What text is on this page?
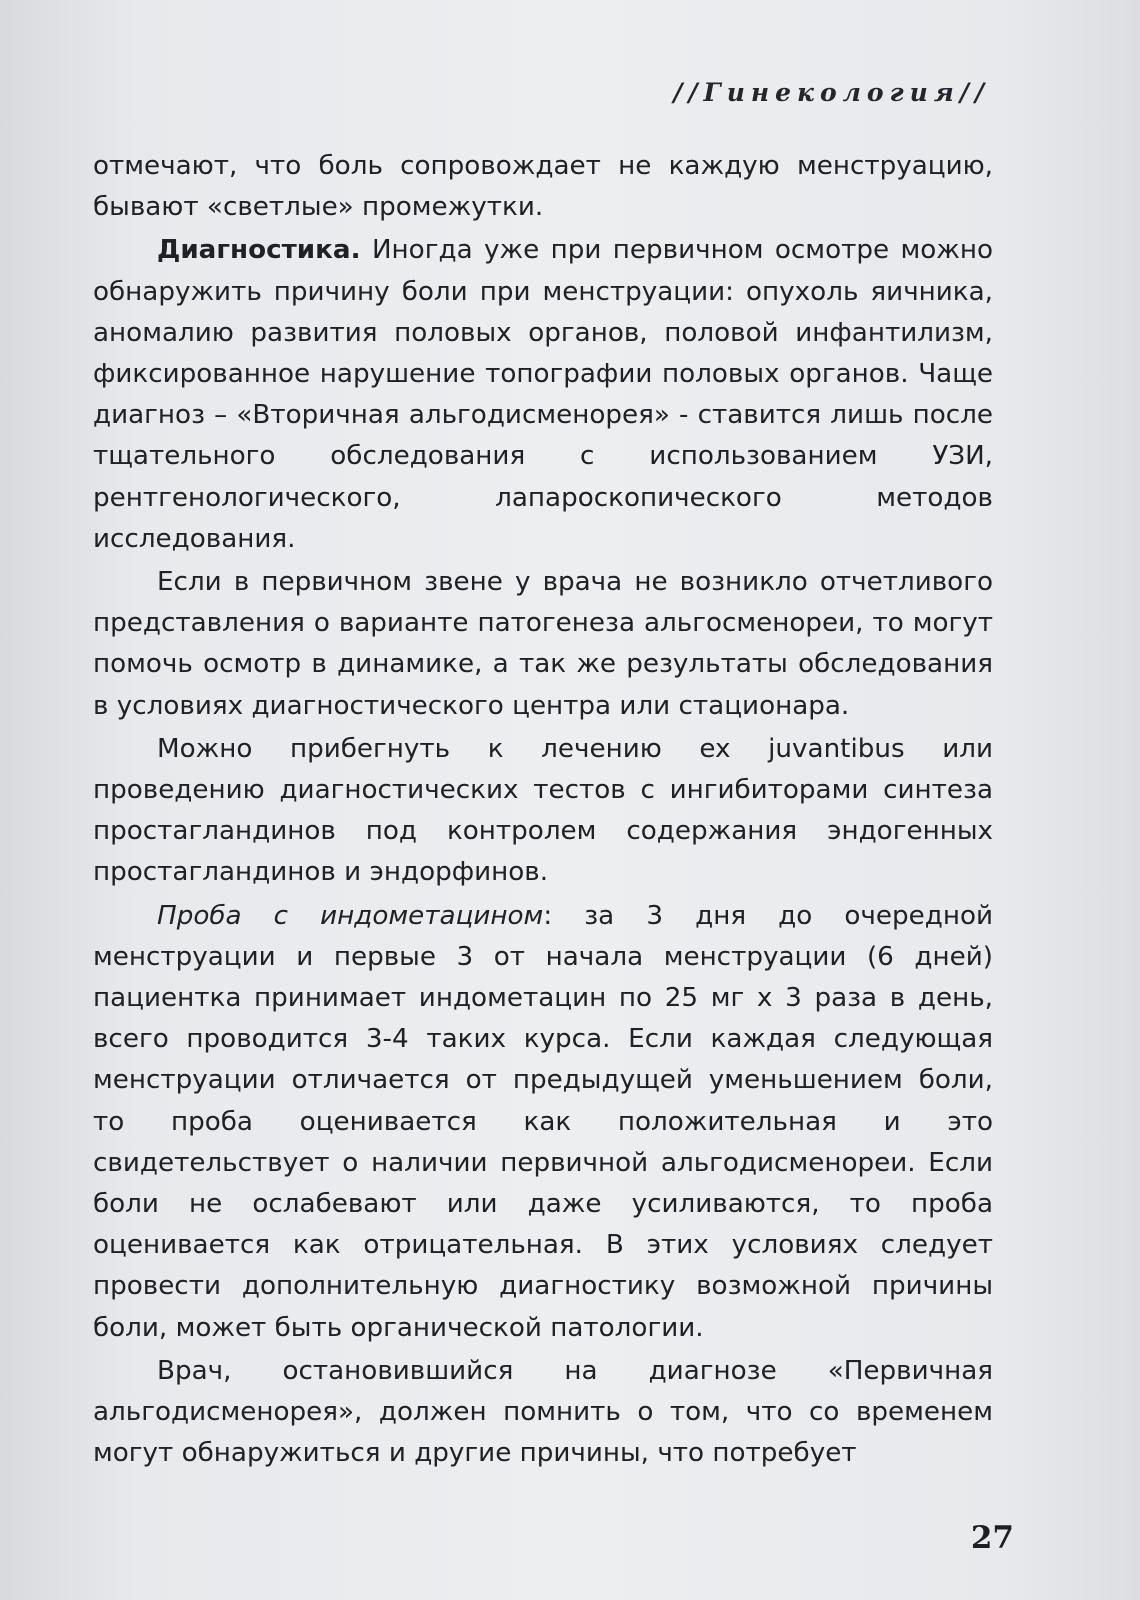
//Гинекология//

отмечают, что боль сопровождает не каждую менструацию, бывают «светлые» промежутки.

Диагностика. Иногда уже при первичном осмотре можно обнаружить причину боли при менструации: опухоль яичника, аномалию развития половых органов, половой инфантилизм, фиксированное нарушение топографии половых органов. Чаще диагноз – «Вторичная альгодисменорея» - ставится лишь после тщательного обследования с использованием УЗИ, рентгенологического, лапароскопического методов исследования.

Если в первичном звене у врача не возникло отчетливого представления о варианте патогенеза альгосменореи, то могут помочь осмотр в динамике, а так же результаты обследования в условиях диагностического центра или стационара.

Можно прибегнуть к лечению ex juvantibus или проведению диагностических тестов с ингибиторами синтеза простагландинов под контролем содержания эндогенных простагландинов и эндорфинов.

Проба с индометацином: за 3 дня до очередной менструации и первые 3 от начала менструации (6 дней) пациентка принимает индометацин по 25 мг х 3 раза в день, всего проводится 3-4 таких курса. Если каждая следующая менструации отличается от предыдущей уменьшением боли, то проба оценивается как положительная и это свидетельствует о наличии первичной альгодисменореи. Если боли не ослабевают или даже усиливаются, то проба оценивается как отрицательная. В этих условиях следует провести дополнительную диагностику возможной причины боли, может быть органической патологии.

Врач, остановившийся на диагнозе «Первичная альгодисменорея», должен помнить о том, что со временем могут обнаружиться и другие причины, что потребует

27
